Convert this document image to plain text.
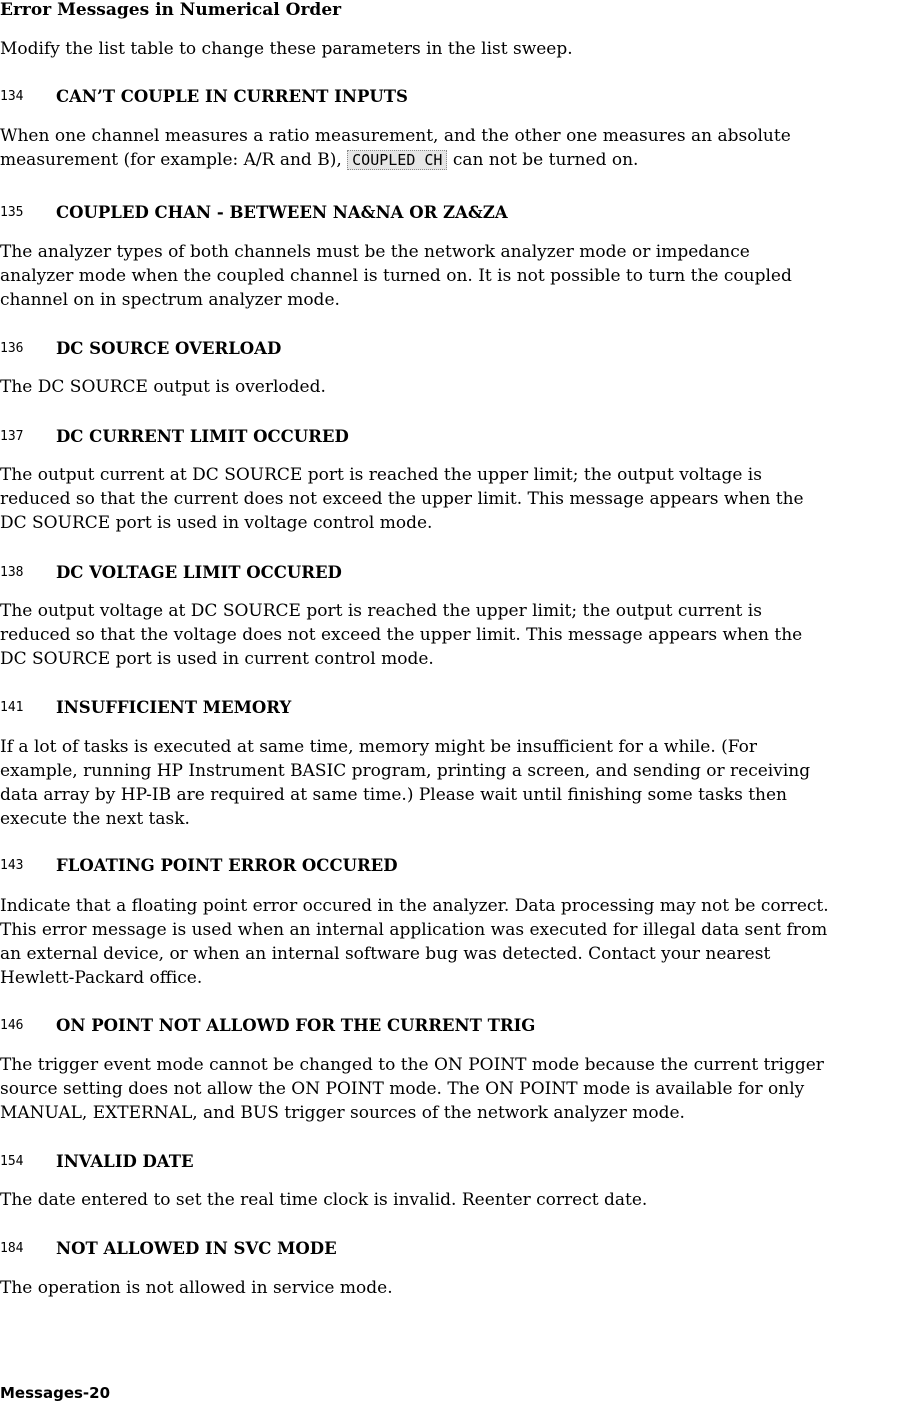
Error Messages in Numerical Order

Modify the list table to change these parameters in the list sweep.

134	CAN’T COUPLE IN CURRENT INPUTS
When one channel measures a ratio measurement, and the other one measures an absolute
measurement (for example: A/R and B), COUPLED CH can not be turned on.
135	COUPLED CHAN - BETWEEN NA&NA OR ZA&ZA
The analyzer types of both channels must be the network analyzer mode or impedance
analyzer mode when the coupled channel is turned on. It is not possible to turn the coupled
channel on in spectrum analyzer mode.
136	DC SOURCE OVERLOAD
The DC SOURCE output is overloded.
137	DC CURRENT LIMIT OCCURED
The output current at DC SOURCE port is reached the upper limit; the output voltage is
reduced so that the current does not exceed the upper limit. This message appears when the
DC SOURCE port is used in voltage control mode.
138	DC VOLTAGE LIMIT OCCURED
The output voltage at DC SOURCE port is reached the upper limit; the output current is
reduced so that the voltage does not exceed the upper limit. This message appears when the
DC SOURCE port is used in current control mode.
141	INSUFFICIENT MEMORY
If a lot of tasks is executed at same time, memory might be insufficient for a while. (For
example, running HP Instrument BASIC program, printing a screen, and sending or receiving
data array by HP-IB are required at same time.) Please wait until finishing some tasks then
execute the next task.
143	FLOATING POINT ERROR OCCURED
Indicate that a floating point error occured in the analyzer. Data processing may not be correct.
This error message is used when an internal application was executed for illegal data sent from
an external device, or when an internal software bug was detected. Contact your nearest
Hewlett-Packard office.
146	ON POINT NOT ALLOWD FOR THE CURRENT TRIG
The trigger event mode cannot be changed to the ON POINT mode because the current trigger
source setting does not allow the ON POINT mode. The ON POINT mode is available for only
MANUAL, EXTERNAL, and BUS trigger sources of the network analyzer mode.
154	INVALID DATE
The date entered to set the real time clock is invalid. Reenter correct date.
184	NOT ALLOWED IN SVC MODE
The operation is not allowed in service mode.
Messages-20
